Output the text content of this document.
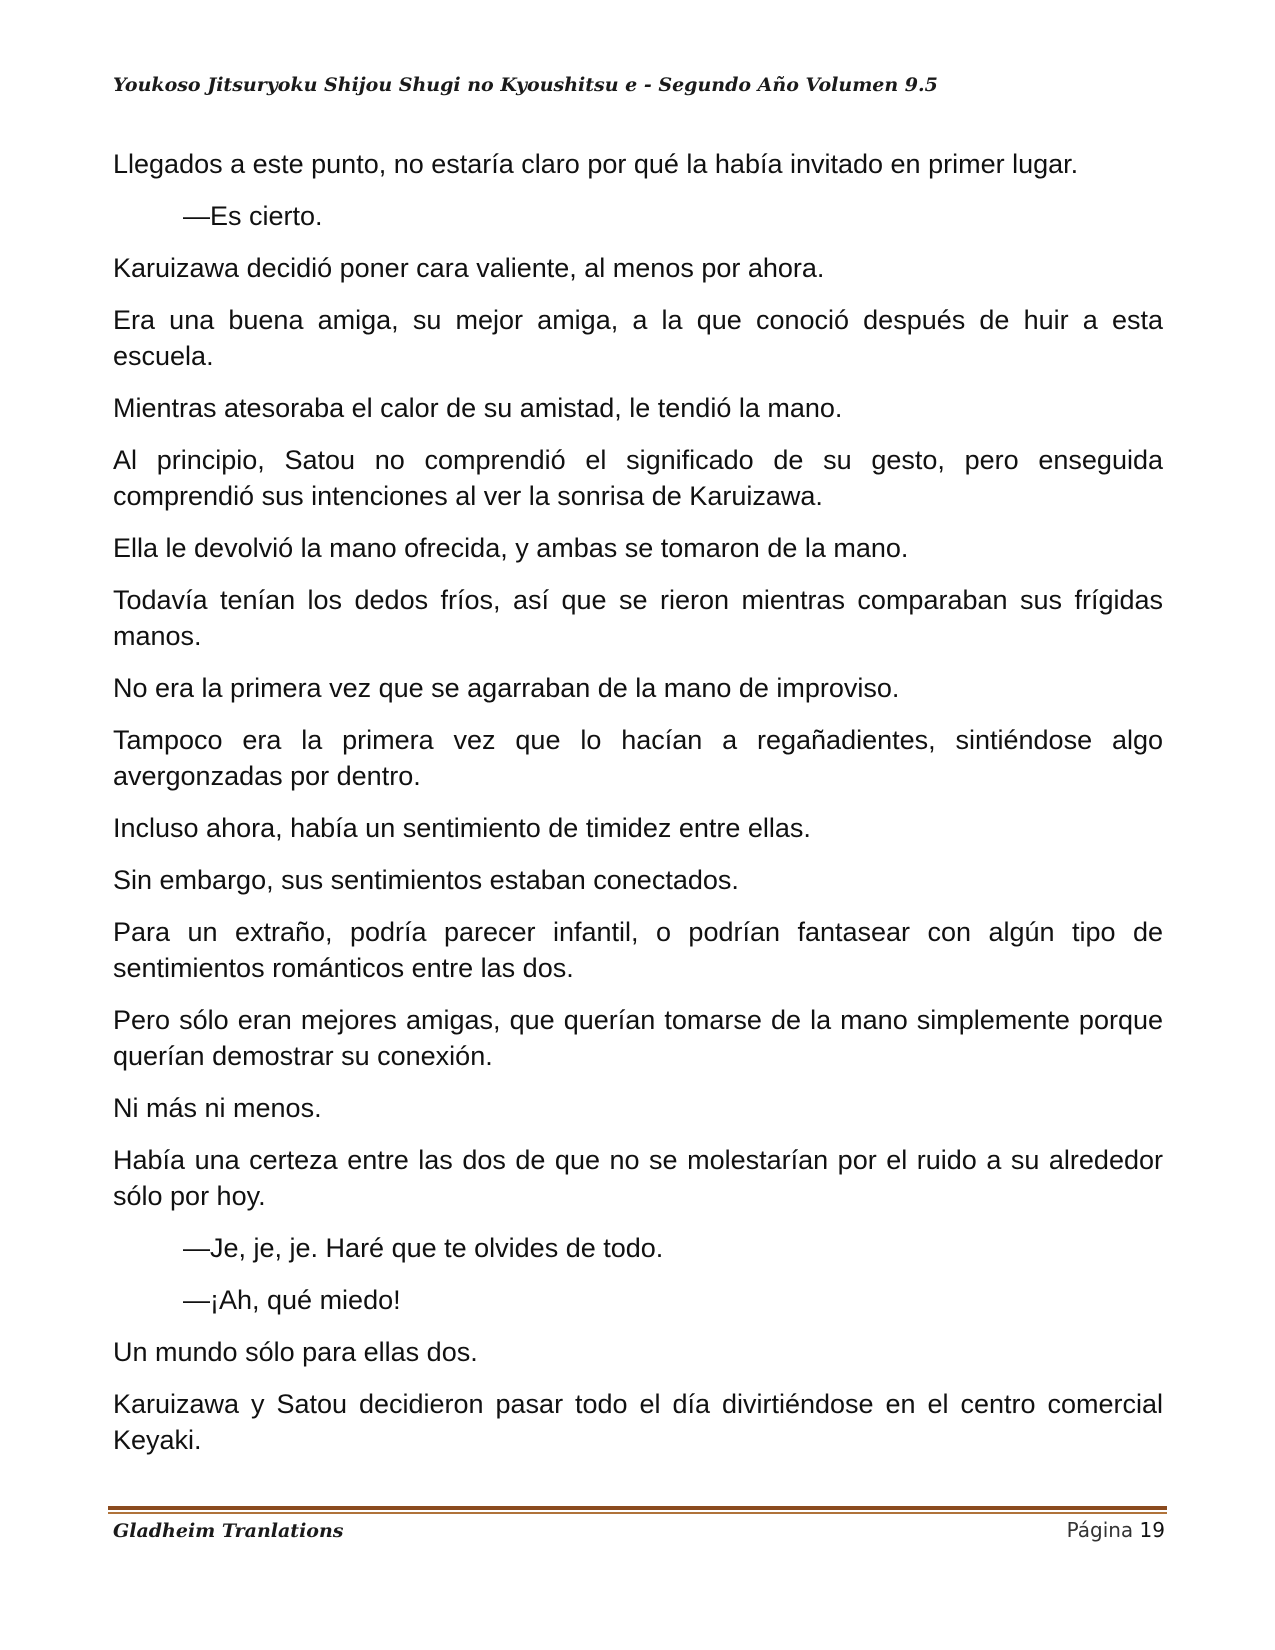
Youkoso Jitsuryoku Shijou Shugi no Kyoushitsu e - Segundo Año Volumen 9.5

Llegados a este punto, no estaría claro por qué la había invitado en primer lugar.

—Es cierto.

Karuizawa decidió poner cara valiente, al menos por ahora.

Era una buena amiga, su mejor amiga, a la que conoció después de huir a esta escuela.

Mientras atesoraba el calor de su amistad, le tendió la mano.

Al principio, Satou no comprendió el significado de su gesto, pero enseguida comprendió sus intenciones al ver la sonrisa de Karuizawa.

Ella le devolvió la mano ofrecida, y ambas se tomaron de la mano.

Todavía tenían los dedos fríos, así que se rieron mientras comparaban sus frígidas manos.

No era la primera vez que se agarraban de la mano de improviso.

Tampoco era la primera vez que lo hacían a regañadientes, sintiéndose algo avergonzadas por dentro.

Incluso ahora, había un sentimiento de timidez entre ellas.

Sin embargo, sus sentimientos estaban conectados.

Para un extraño, podría parecer infantil, o podrían fantasear con algún tipo de sentimientos románticos entre las dos.

Pero sólo eran mejores amigas, que querían tomarse de la mano simplemente porque querían demostrar su conexión.

Ni más ni menos.

Había una certeza entre las dos de que no se molestarían por el ruido a su alrededor sólo por hoy.

—Je, je, je. Haré que te olvides de todo.

—¡Ah, qué miedo!

Un mundo sólo para ellas dos.

Karuizawa y Satou decidieron pasar todo el día divirtiéndose en el centro comercial Keyaki.

Gladheim Tranlations	Página 19
